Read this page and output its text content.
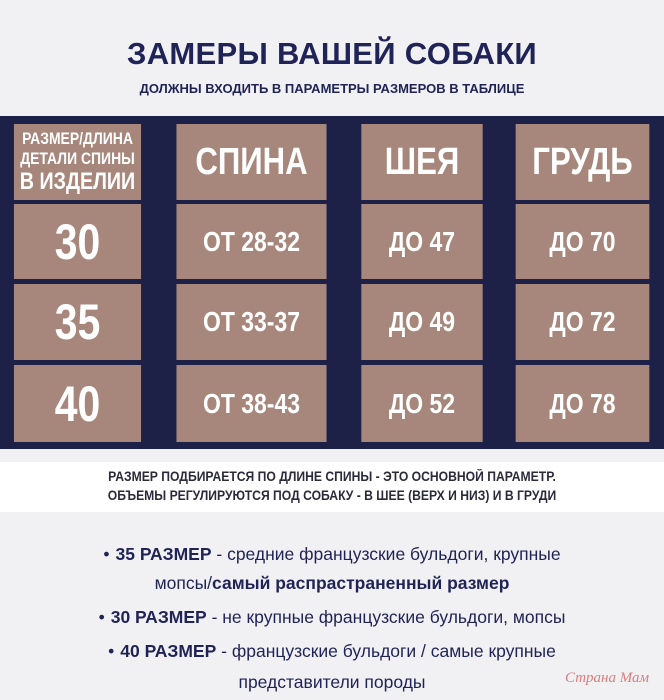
ЗАМЕРЫ ВАШЕЙ СОБАКИ
ДОЛЖНЫ ВХОДИТЬ В ПАРАМЕТРЫ РАЗМЕРОВ В ТАБЛИЦЕ
РАЗМЕР/ДЛИНА
ДЕТАЛИ СПИНЫ
В ИЗДЕЛИИ	СПИНА	ШЕЯ	ГРУДЬ
30	ОТ 28-32	ДО 47	ДО 70
35	ОТ 33-37	ДО 49	ДО 72
40	ОТ 38-43	ДО 52	ДО 78
РАЗМЕР ПОДБИРАЕТСЯ ПО ДЛИНЕ СПИНЫ - ЭТО ОСНОВНОЙ ПАРАМЕТР.
ОБЪЕМЫ РЕГУЛИРУЮТСЯ ПОД СОБАКУ - В ШЕЕ (ВЕРХ И НИЗ) И В ГРУДИ
• 35 РАЗМЕР - средние французские бульдоги, крупные
мопсы/самый распрастраненный размер
• 30 РАЗМЕР - не крупные французские бульдоги, мопсы
• 40 РАЗМЕР - французские бульдоги / самые крупные
представители породы	Страна Мам
